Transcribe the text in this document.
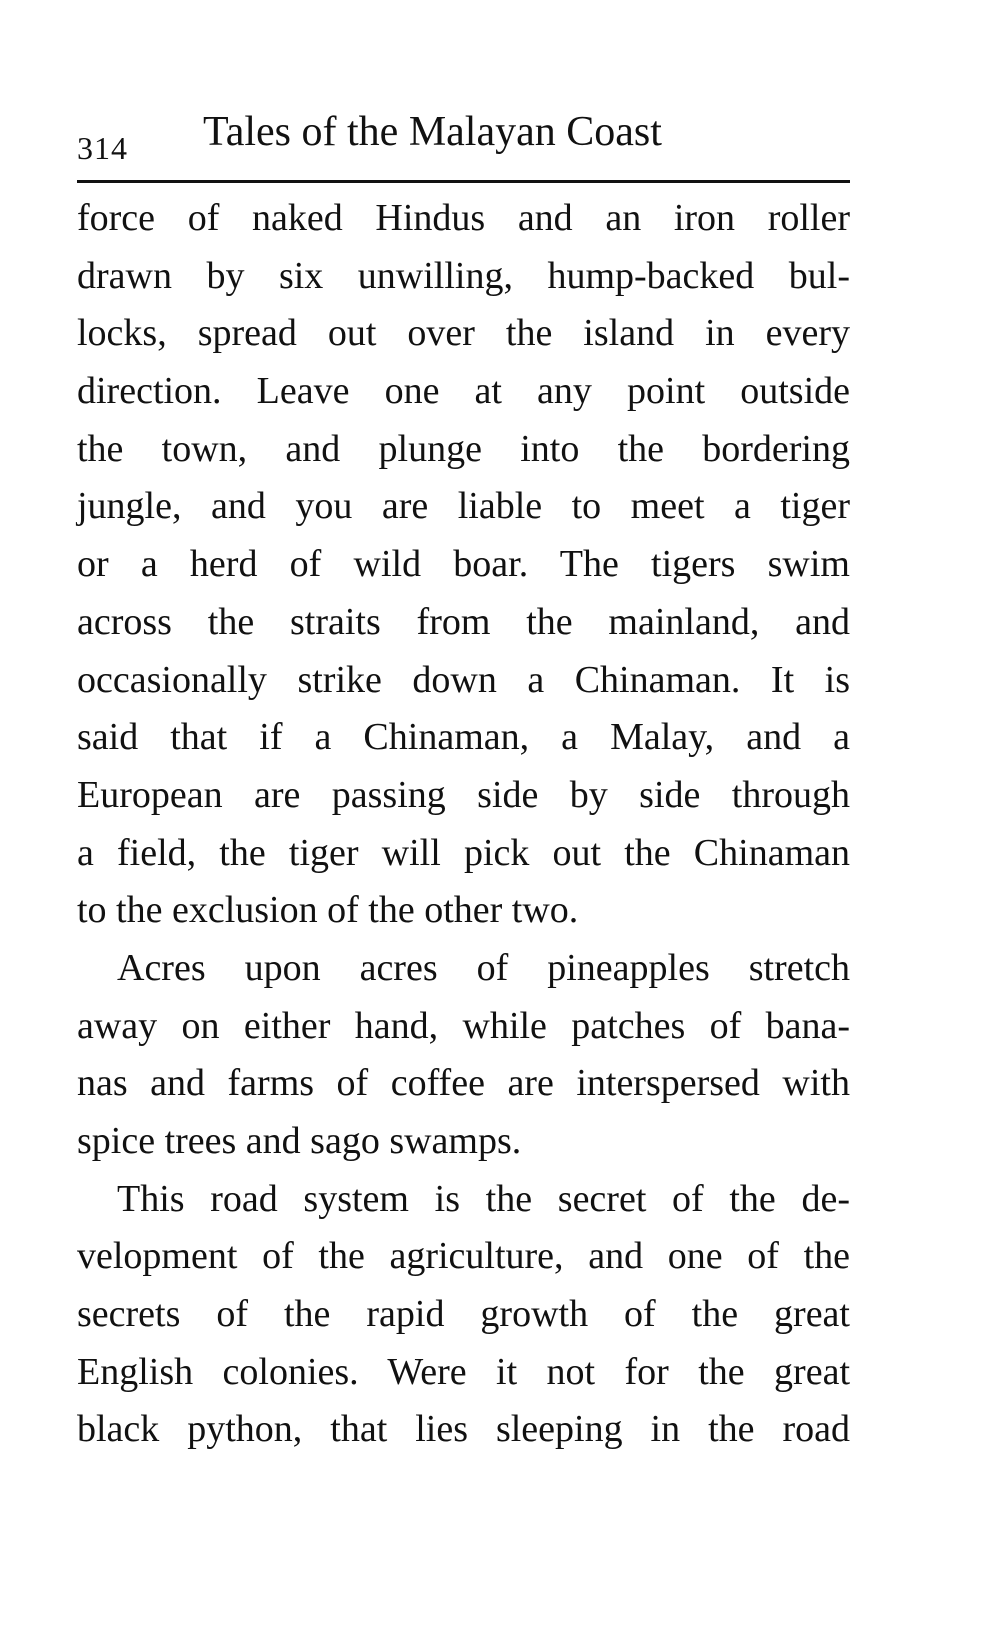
314 Tales of the Malayan Coast
force of naked Hindus and an iron roller
drawn by six unwilling, hump-backed bul-
locks, spread out over the island in every
direction. Leave one at any point outside
the town, and plunge into the bordering
jungle, and you are liable to meet a tiger
or a herd of wild boar. The tigers swim
across the straits from the mainland, and
occasionally strike down a Chinaman. It is
said that if a Chinaman, a Malay, and a
European are passing side by side through
a field, the tiger will pick out the Chinaman
to the exclusion of the other two.
Acres upon acres of pineapples stretch
away on either hand, while patches of bana-
nas and farms of coffee are interspersed with
spice trees and sago swamps.
This road system is the secret of the de-
velopment of the agriculture, and one of the
secrets of the rapid growth of the great
English colonies. Were it not for the great
black python, that lies sleeping in the road
